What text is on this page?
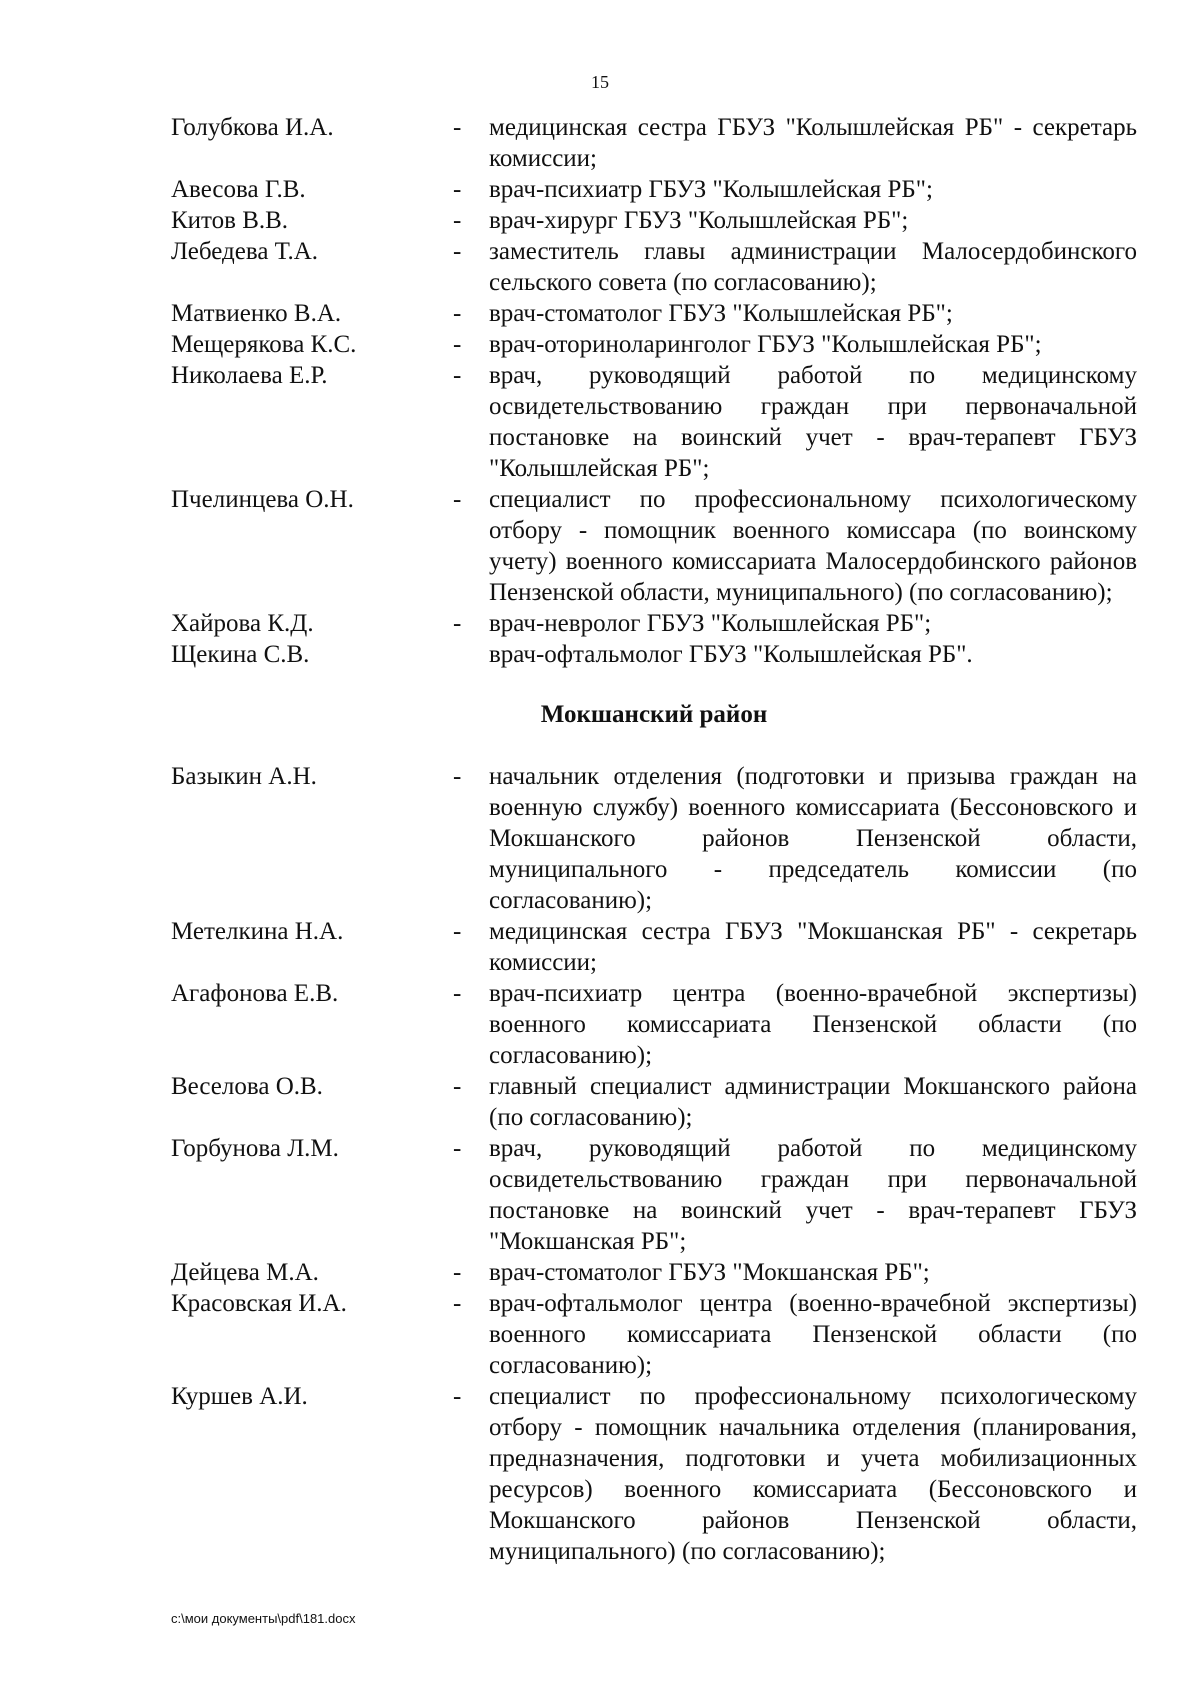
15
Голубкова И.А.	-	медицинская сестра ГБУЗ "Колышлейская РБ" - секретарь комиссии;
Авесова Г.В.	-	врач-психиатр ГБУЗ "Колышлейская РБ";
Китов В.В.	-	врач-хирург ГБУЗ "Колышлейская РБ";
Лебедева Т.А.	-	заместитель главы администрации Малосердобинского сельского совета (по согласованию);
Матвиенко В.А.	-	врач-стоматолог ГБУЗ "Колышлейская РБ";
Мещерякова К.С.	-	врач-оториноларинголог ГБУЗ "Колышлейская РБ";
Николаева Е.Р.	-	врач, руководящий работой по медицинскому освидетельствованию граждан при первоначальной постановке на воинский учет - врач-терапевт ГБУЗ "Колышлейская РБ";
Пчелинцева О.Н.	-	специалист по профессиональному психологическому отбору - помощник военного комиссара (по воинскому учету) военного комиссариата Малосердобинского районов Пензенской области, муниципального) (по согласованию);
Хайрова К.Д.	-	врач-невролог ГБУЗ "Колышлейская РБ";
Щекина С.В.	врач-офтальмолог ГБУЗ "Колышлейская РБ".
Мокшанский район
Базыкин А.Н.	-	начальник отделения (подготовки и призыва граждан на военную службу) военного комиссариата (Бессоновского и Мокшанского районов Пензенской области, муниципального - председатель комиссии (по согласованию);
Метелкина Н.А.	-	медицинская сестра ГБУЗ "Мокшанская РБ" - секретарь комиссии;
Агафонова Е.В.	-	врач-психиатр центра (военно-врачебной экспертизы) военного комиссариата Пензенской области (по согласованию);
Веселова О.В.	-	главный специалист администрации Мокшанского района (по согласованию);
Горбунова Л.М.	-	врач, руководящий работой по медицинскому освидетельствованию граждан при первоначальной постановке на воинский учет - врач-терапевт ГБУЗ "Мокшанская РБ";
Дейцева М.А.	-	врач-стоматолог ГБУЗ "Мокшанская РБ";
Красовская И.А.	-	врач-офтальмолог центра (военно-врачебной экспертизы) военного комиссариата Пензенской области (по согласованию);
Куршев А.И.	-	специалист по профессиональному психологическому отбору - помощник начальника отделения (планирования, предназначения, подготовки и учета мобилизационных ресурсов) военного комиссариата (Бессоновского и Мокшанского районов Пензенской области, муниципального) (по согласованию);
c:\мои документы\pdf\181.docx
